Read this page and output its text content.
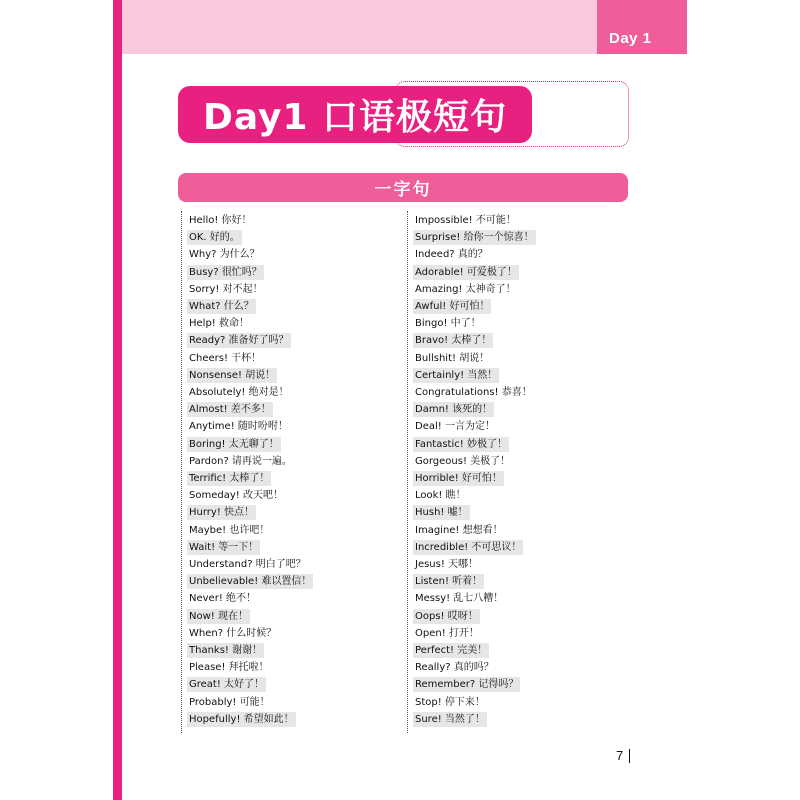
Day 1
Day1 口语极短句
一字句
Hello! 你好！
OK. 好的。
Why? 为什么？
Busy? 很忙吗？
Sorry! 对不起！
What? 什么？
Help! 救命！
Ready? 准备好了吗？
Cheers! 干杯！
Nonsense! 胡说！
Absolutely! 绝对是！
Almost! 差不多！
Anytime! 随时吩咐！
Boring! 太无聊了！
Pardon? 请再说一遍。
Terrific! 太棒了！
Someday! 改天吧！
Hurry! 快点！
Maybe! 也许吧！
Wait! 等一下！
Understand? 明白了吧？
Unbelievable! 难以置信！
Never! 绝不！
Now! 现在！
When? 什么时候？
Thanks! 谢谢！
Please! 拜托啦！
Great! 太好了！
Probably! 可能！
Hopefully! 希望如此！
Impossible! 不可能！
Surprise! 给你一个惊喜！
Indeed? 真的？
Adorable! 可爱极了！
Amazing! 太神奇了！
Awful! 好可怕！
Bingo! 中了！
Bravo! 太棒了！
Bullshit! 胡说！
Certainly! 当然！
Congratulations! 恭喜！
Damn! 该死的！
Deal! 一言为定！
Fantastic! 妙极了！
Gorgeous! 美极了！
Horrible! 好可怕！
Look! 瞧！
Hush! 嘘！
Imagine! 想想看！
Incredible! 不可思议！
Jesus! 天哪！
Listen! 听着！
Messy! 乱七八糟！
Oops! 哎呀！
Open! 打开！
Perfect! 完美！
Really? 真的吗？
Remember? 记得吗？
Stop! 停下来！
Sure! 当然了！
7
